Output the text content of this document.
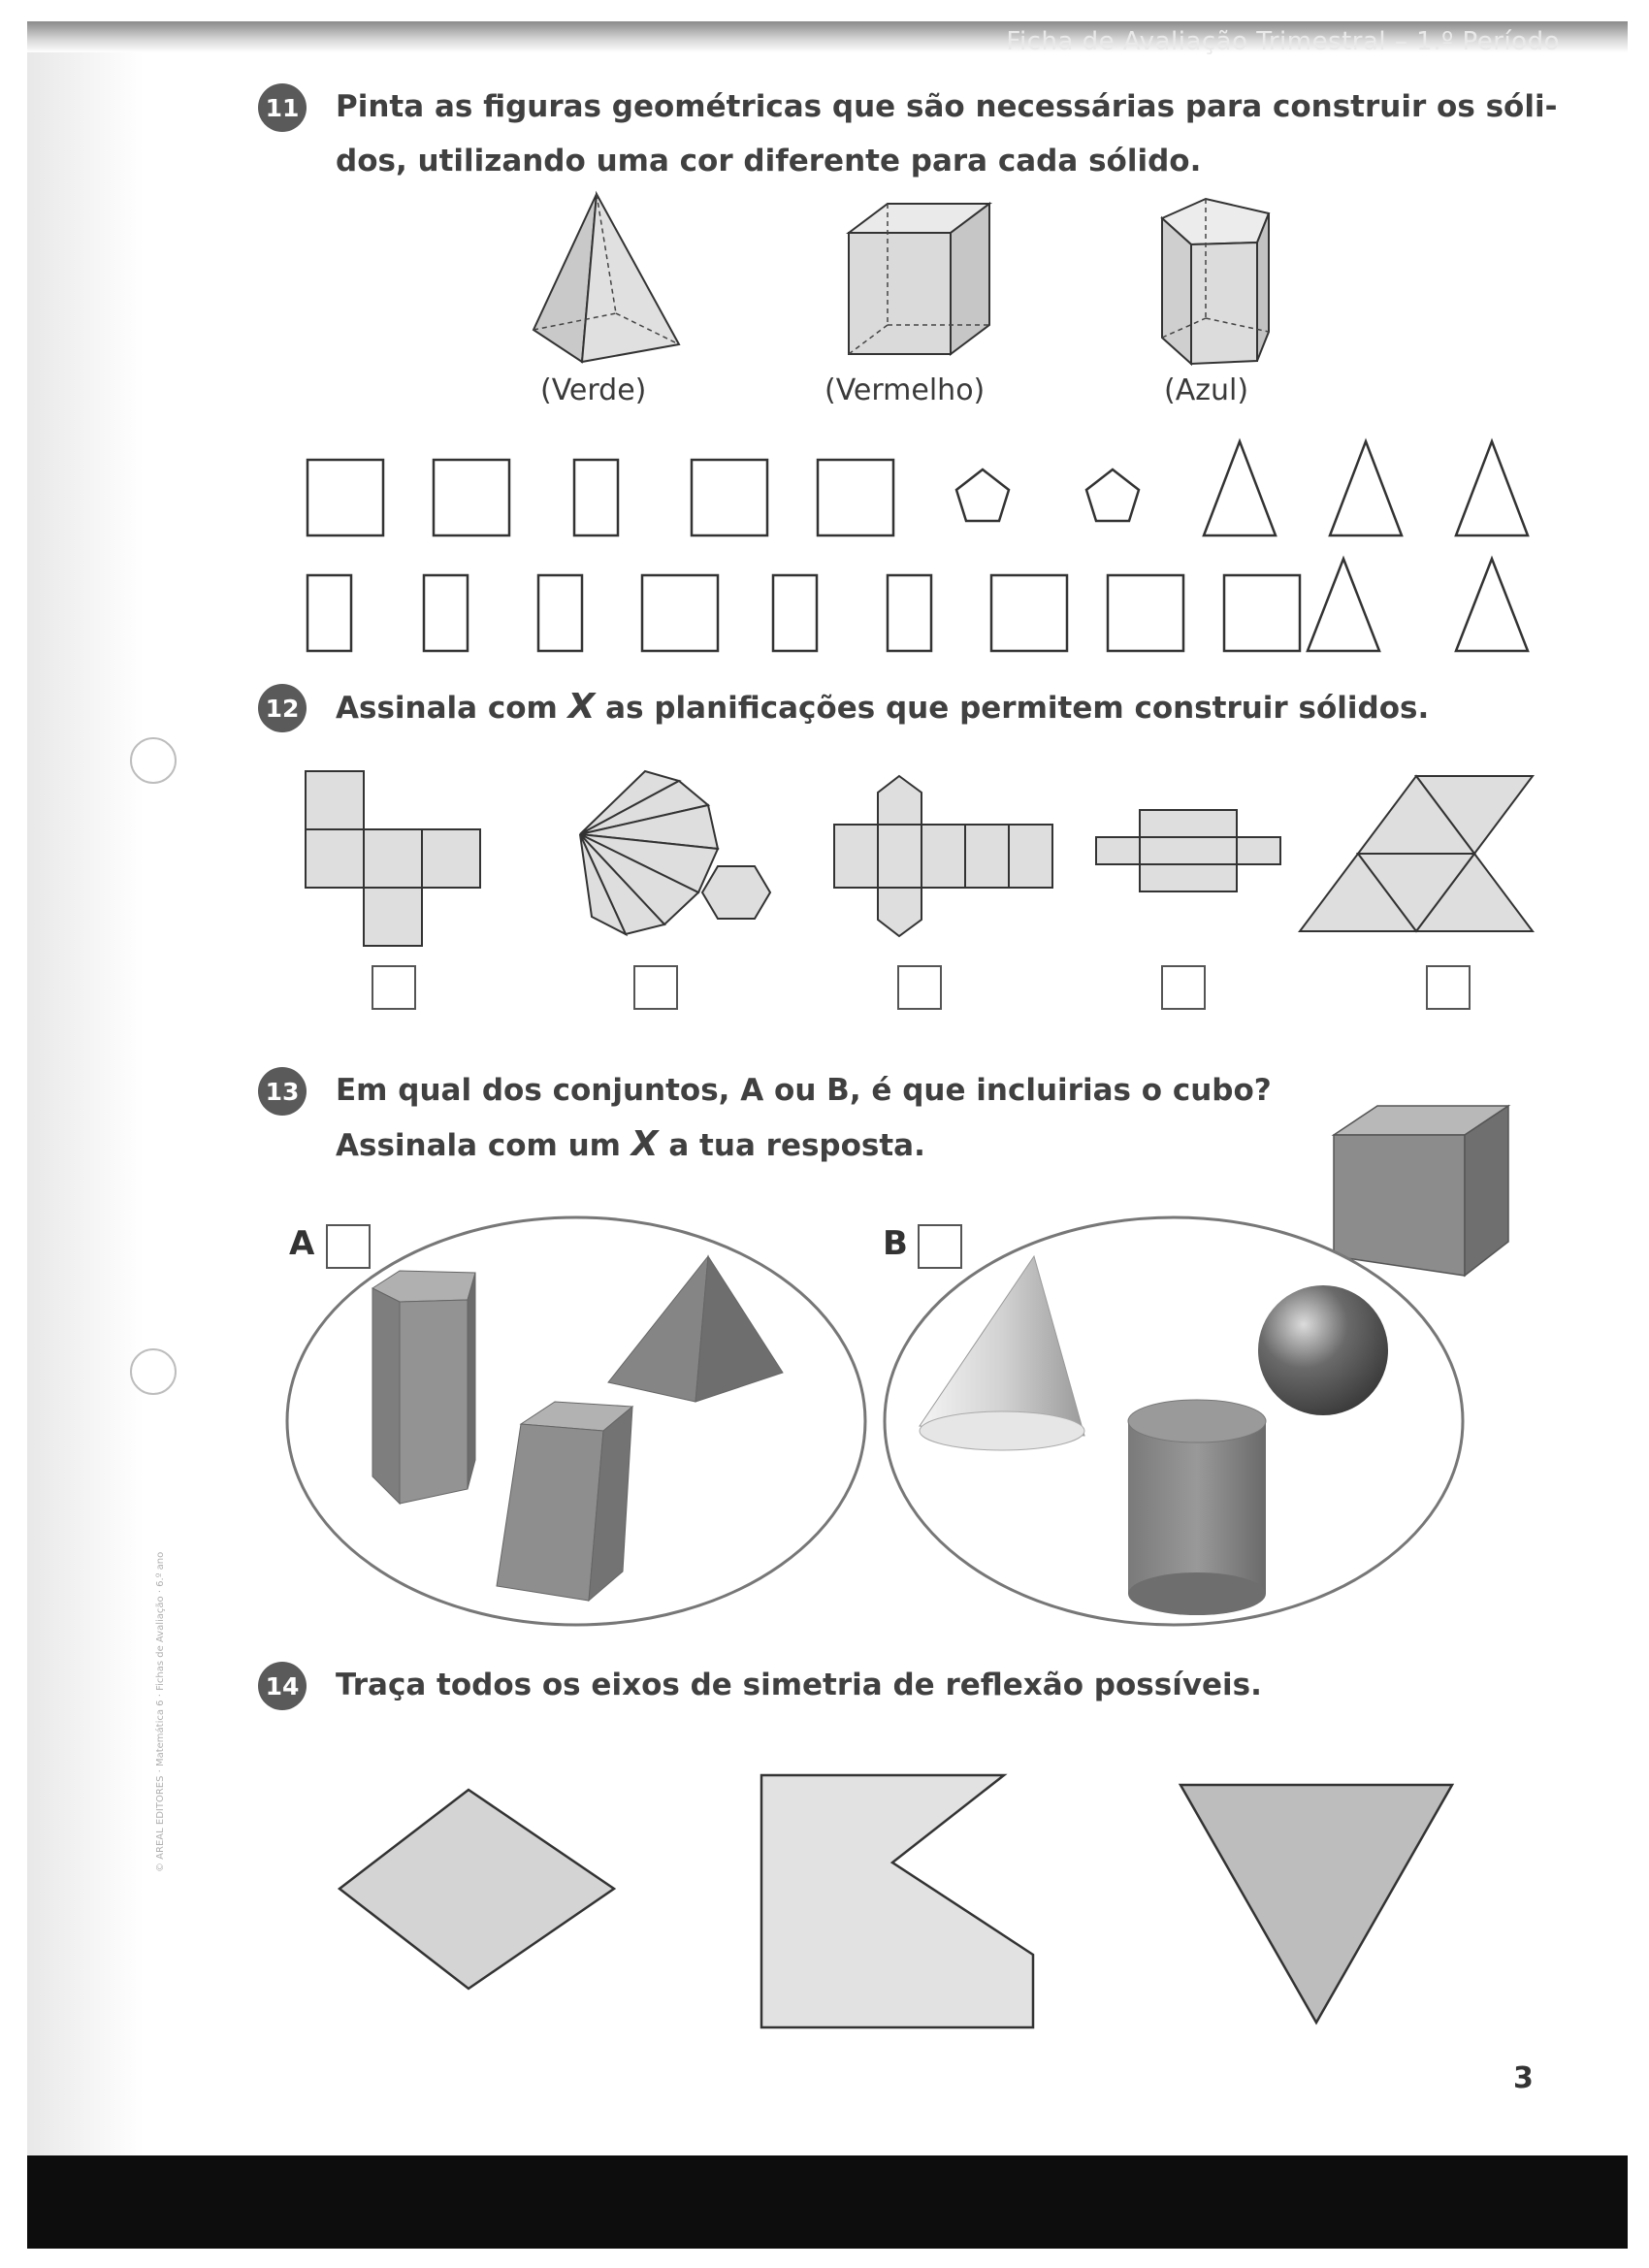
Ficha de Avaliação Trimestral – 1.º Período
© AREAL EDITORES · Matemática 6 · Fichas de Avaliação · 6.º ano
11 Pinta as figuras geométricas que são necessárias para construir os sóli-
dos, utilizando uma cor diferente para cada sólido.
(Verde)	(Vermelho)	(Azul)
12 Assinala com X as planificações que permitem construir sólidos.
13 Em qual dos conjuntos, A ou B, é que incluirias o cubo?
Assinala com um X a tua resposta.
A	B
14 Traça todos os eixos de simetria de reflexão possíveis.
3
